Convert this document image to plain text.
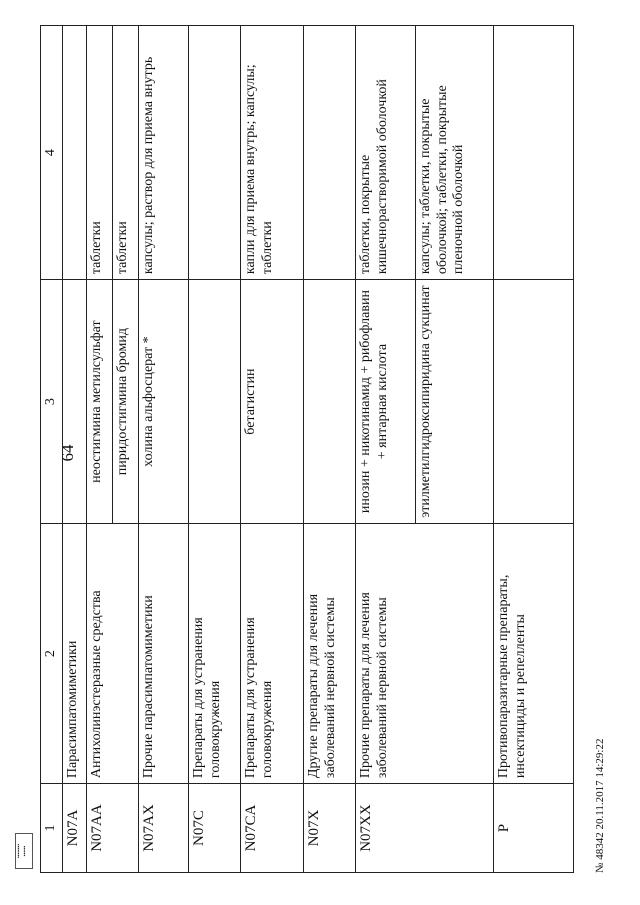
64
1	2	3	4
N07A	Парасимпатомиметики		
N07AA	Антихолинэстеразные средства	неостигмина метилсульфат	таблетки
		пиридостигмина бромид	таблетки
N07AX	Прочие парасимпатомиметики	холина альфосцерат *	капсулы; раствор для приема внутрь
N07C	Препараты для устранения головокружения		
N07CA	Препараты для устранения головокружения	бетагистин	капли для приема внутрь; капсулы; таблетки
N07X	Другие препараты для лечения заболеваний нервной системы		
N07XX	Прочие препараты для лечения заболеваний нервной системы	инозин + никотинамид + рибофлавин + янтарная кислота	таблетки, покрытые кишечнорастворимой оболочкой
		этилметилгидроксипиридина сукцинат	капсулы; таблетки, покрытые оболочкой; таблетки, покрытые пленочной оболочкой
P	Противопаразитарные препараты, инсектициды и репелленты		
№ 48342 20.11.2017 14:29:22
▪▪▪▪▪▪▪▪
▪▪▪▪▪▪
